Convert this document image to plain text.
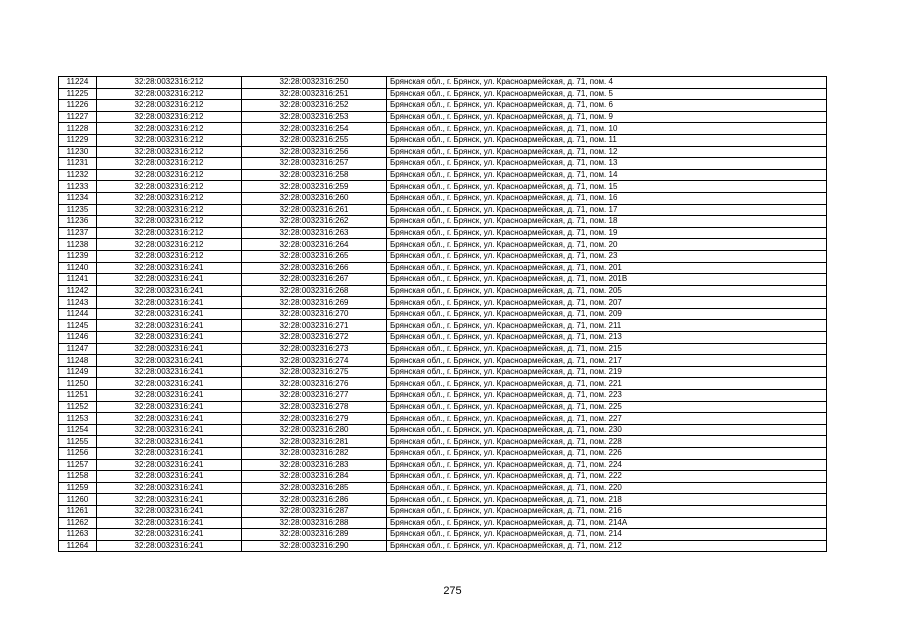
11224	32:28:0032316:212	32:28:0032316:250	Брянская обл., г. Брянск, ул. Красноармейская, д. 71, пом. 4
11225	32:28:0032316:212	32:28:0032316:251	Брянская обл., г. Брянск, ул. Красноармейская, д. 71, пом. 5
11226	32:28:0032316:212	32:28:0032316:252	Брянская обл., г. Брянск, ул. Красноармейская, д. 71, пом. 6
11227	32:28:0032316:212	32:28:0032316:253	Брянская обл., г. Брянск, ул. Красноармейская, д. 71, пом. 9
11228	32:28:0032316:212	32:28:0032316:254	Брянская обл., г. Брянск, ул. Красноармейская, д. 71, пом. 10
11229	32:28:0032316:212	32:28:0032316:255	Брянская обл., г. Брянск, ул. Красноармейская, д. 71, пом. 11
11230	32:28:0032316:212	32:28:0032316:256	Брянская обл., г. Брянск, ул. Красноармейская, д. 71, пом. 12
11231	32:28:0032316:212	32:28:0032316:257	Брянская обл., г. Брянск, ул. Красноармейская, д. 71, пом. 13
11232	32:28:0032316:212	32:28:0032316:258	Брянская обл., г. Брянск, ул. Красноармейская, д. 71, пом. 14
11233	32:28:0032316:212	32:28:0032316:259	Брянская обл., г. Брянск, ул. Красноармейская, д. 71, пом. 15
11234	32:28:0032316:212	32:28:0032316:260	Брянская обл., г. Брянск, ул. Красноармейская, д. 71, пом. 16
11235	32:28:0032316:212	32:28:0032316:261	Брянская обл., г. Брянск, ул. Красноармейская, д. 71, пом. 17
11236	32:28:0032316:212	32:28:0032316:262	Брянская обл., г. Брянск, ул. Красноармейская, д. 71, пом. 18
11237	32:28:0032316:212	32:28:0032316:263	Брянская обл., г. Брянск, ул. Красноармейская, д. 71, пом. 19
11238	32:28:0032316:212	32:28:0032316:264	Брянская обл., г. Брянск, ул. Красноармейская, д. 71, пом. 20
11239	32:28:0032316:212	32:28:0032316:265	Брянская обл., г. Брянск, ул. Красноармейская, д. 71, пом. 23
11240	32:28:0032316:241	32:28:0032316:266	Брянская обл., г. Брянск, ул. Красноармейская, д. 71, пом. 201
11241	32:28:0032316:241	32:28:0032316:267	Брянская обл., г. Брянск, ул. Красноармейская, д. 71, пом. 201В
11242	32:28:0032316:241	32:28:0032316:268	Брянская обл., г. Брянск, ул. Красноармейская, д. 71, пом. 205
11243	32:28:0032316:241	32:28:0032316:269	Брянская обл., г. Брянск, ул. Красноармейская, д. 71, пом. 207
11244	32:28:0032316:241	32:28:0032316:270	Брянская обл., г. Брянск, ул. Красноармейская, д. 71, пом. 209
11245	32:28:0032316:241	32:28:0032316:271	Брянская обл., г. Брянск, ул. Красноармейская, д. 71, пом. 211
11246	32:28:0032316:241	32:28:0032316:272	Брянская обл., г. Брянск, ул. Красноармейская, д. 71, пом. 213
11247	32:28:0032316:241	32:28:0032316:273	Брянская обл., г. Брянск, ул. Красноармейская, д. 71, пом. 215
11248	32:28:0032316:241	32:28:0032316:274	Брянская обл., г. Брянск, ул. Красноармейская, д. 71, пом. 217
11249	32:28:0032316:241	32:28:0032316:275	Брянская обл., г. Брянск, ул. Красноармейская, д. 71, пом. 219
11250	32:28:0032316:241	32:28:0032316:276	Брянская обл., г. Брянск, ул. Красноармейская, д. 71, пом. 221
11251	32:28:0032316:241	32:28:0032316:277	Брянская обл., г. Брянск, ул. Красноармейская, д. 71, пом. 223
11252	32:28:0032316:241	32:28:0032316:278	Брянская обл., г. Брянск, ул. Красноармейская, д. 71, пом. 225
11253	32:28:0032316:241	32:28:0032316:279	Брянская обл., г. Брянск, ул. Красноармейская, д. 71, пом. 227
11254	32:28:0032316:241	32:28:0032316:280	Брянская обл., г. Брянск, ул. Красноармейская, д. 71, пом. 230
11255	32:28:0032316:241	32:28:0032316:281	Брянская обл., г. Брянск, ул. Красноармейская, д. 71, пом. 228
11256	32:28:0032316:241	32:28:0032316:282	Брянская обл., г. Брянск, ул. Красноармейская, д. 71, пом. 226
11257	32:28:0032316:241	32:28:0032316:283	Брянская обл., г. Брянск, ул. Красноармейская, д. 71, пом. 224
11258	32:28:0032316:241	32:28:0032316:284	Брянская обл., г. Брянск, ул. Красноармейская, д. 71, пом. 222
11259	32:28:0032316:241	32:28:0032316:285	Брянская обл., г. Брянск, ул. Красноармейская, д. 71, пом. 220
11260	32:28:0032316:241	32:28:0032316:286	Брянская обл., г. Брянск, ул. Красноармейская, д. 71, пом. 218
11261	32:28:0032316:241	32:28:0032316:287	Брянская обл., г. Брянск, ул. Красноармейская, д. 71, пом. 216
11262	32:28:0032316:241	32:28:0032316:288	Брянская обл., г. Брянск, ул. Красноармейская, д. 71, пом. 214А
11263	32:28:0032316:241	32:28:0032316:289	Брянская обл., г. Брянск, ул. Красноармейская, д. 71, пом. 214
11264	32:28:0032316:241	32:28:0032316:290	Брянская обл., г. Брянск, ул. Красноармейская, д. 71, пом. 212
275
